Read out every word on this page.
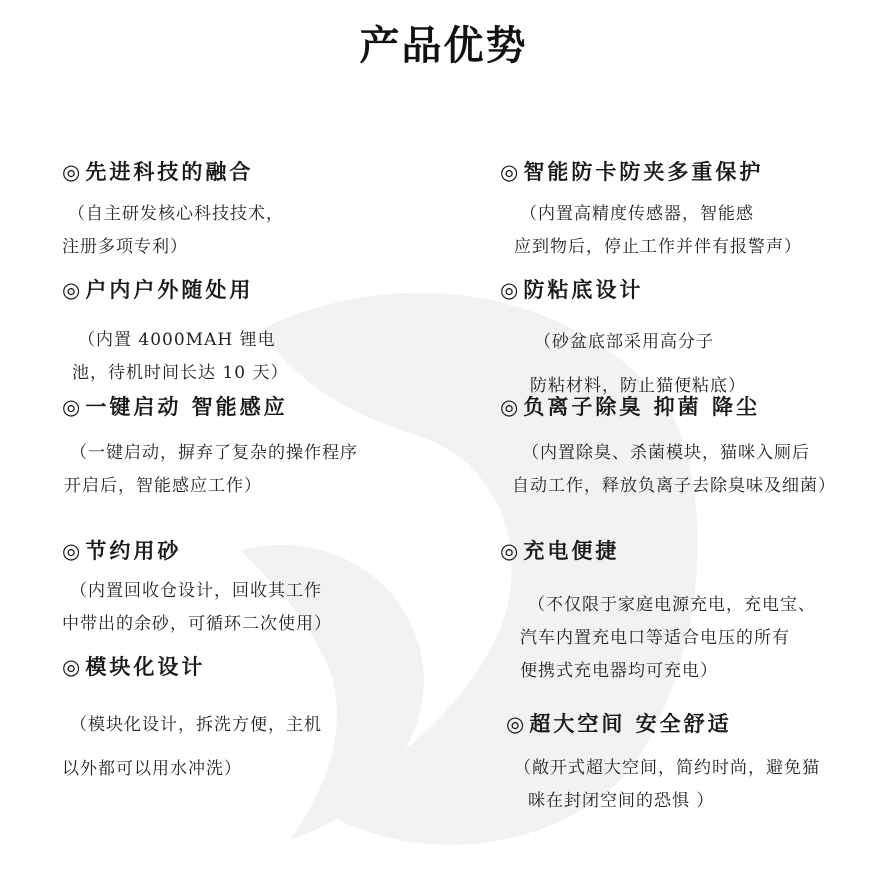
产品优势
◎先进科技的融合
（自主研发核心科技技术，
注册多项专利）
◎户内户外随处用
（内置 4000MAH 锂电
池，待机时间长达 10 天）
◎一键启动 智能感应
（一键启动，摒弃了复杂的操作程序
开启后，智能感应工作）
◎节约用砂
（内置回收仓设计，回收其工作
中带出的余砂，可循环二次使用）
◎模块化设计
（模块化设计，拆洗方便，主机
以外都可以用水冲洗）
◎智能防卡防夹多重保护
（内置高精度传感器，智能感
应到物后，停止工作并伴有报警声）
◎防粘底设计
（砂盆底部采用高分子
防粘材料，防止猫便粘底）
◎负离子除臭 抑菌 降尘
（内置除臭、杀菌模块，猫咪入厕后
自动工作，释放负离子去除臭味及细菌）
◎充电便捷
（不仅限于家庭电源充电，充电宝、
汽车内置充电口等适合电压的所有
便携式充电器均可充电）
◎超大空间 安全舒适
（敞开式超大空间，简约时尚，避免猫
咪在封闭空间的恐惧 ）
